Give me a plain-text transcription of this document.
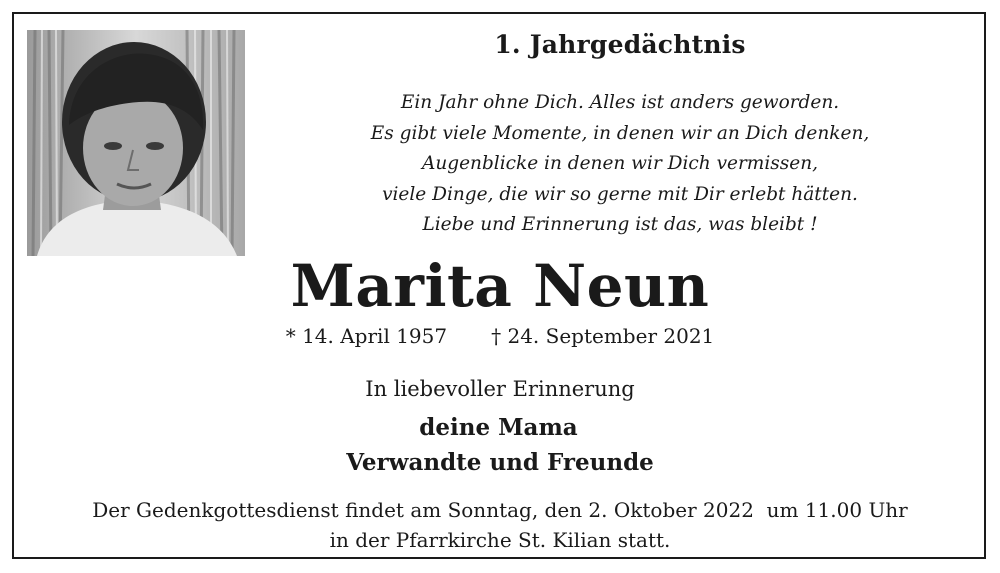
1. Jahrgedächtnis
Ein Jahr ohne Dich. Alles ist anders geworden.
Es gibt viele Momente, in denen wir an Dich denken,
Augenblicke in denen wir Dich vermissen,
viele Dinge, die wir so gerne mit Dir erlebt hätten.
Liebe und Erinnerung ist das, was bleibt !
Marita Neun
* 14. April 1957 † 24. September 2021
In liebevoller Erinnerung
deine Mama
Verwandte und Freunde
Der Gedenkgottesdienst findet am Sonntag, den 2. Oktober 2022  um 11.00 Uhr
in der Pfarrkirche St. Kilian statt.
